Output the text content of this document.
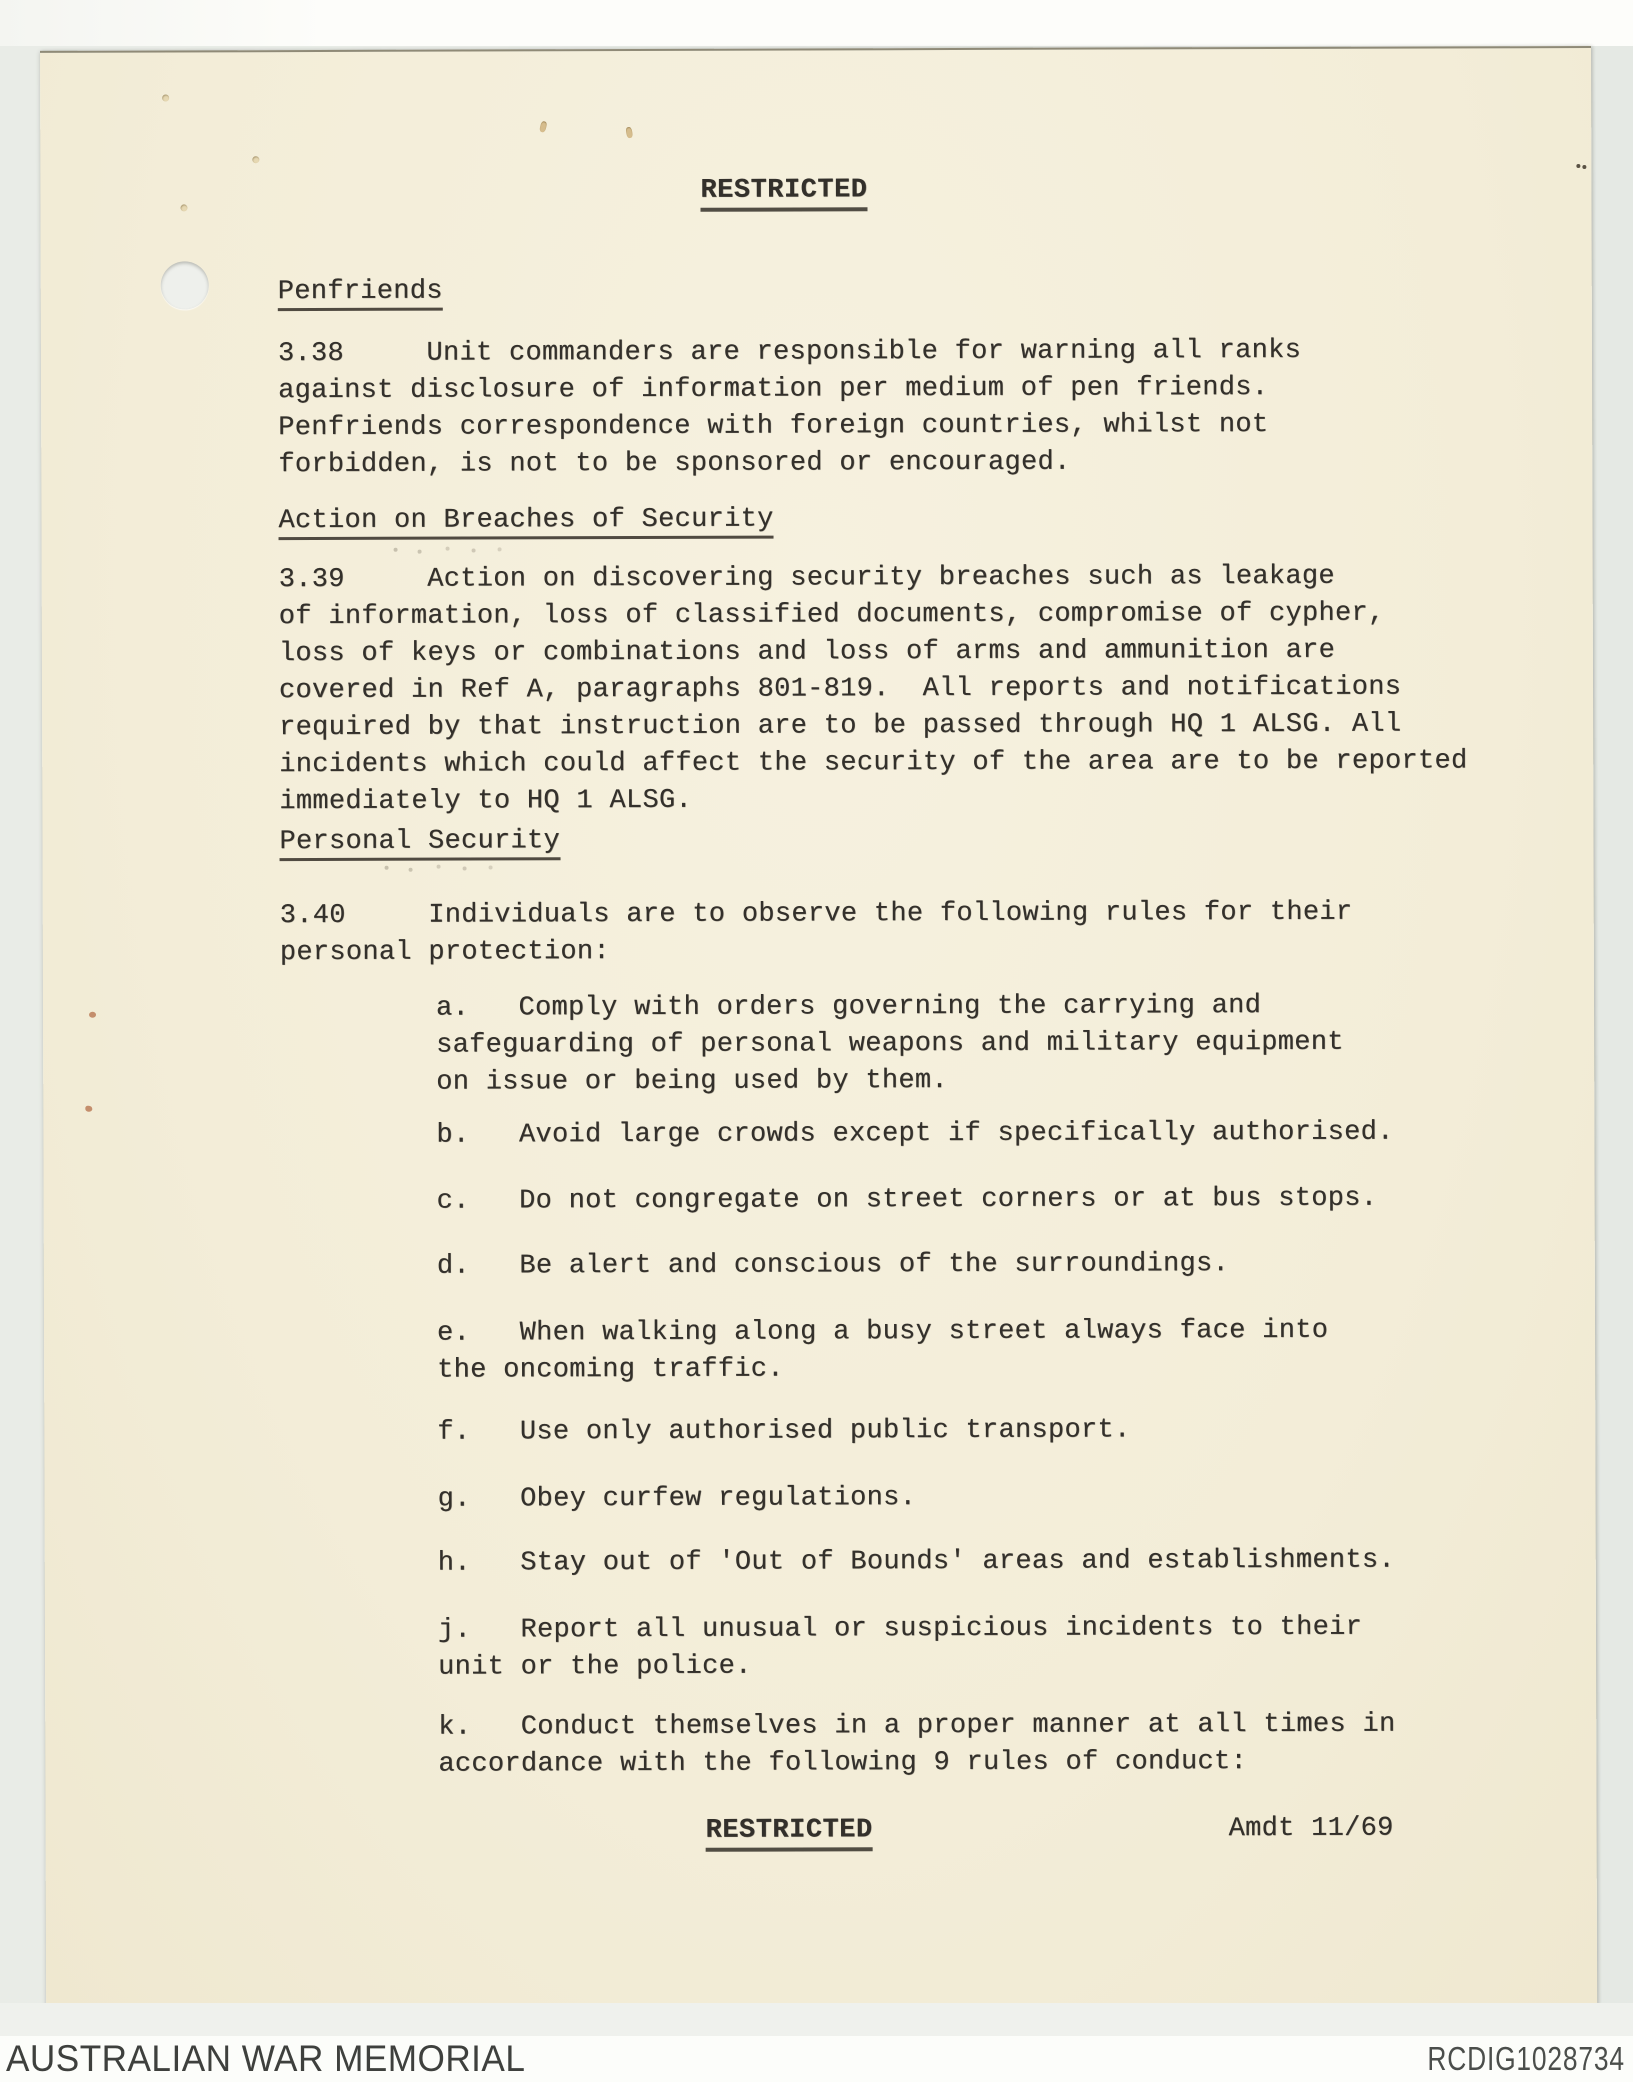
RESTRICTED
Penfriends
3.38     Unit commanders are responsible for warning all ranks
against disclosure of information per medium of pen friends.
Penfriends correspondence with foreign countries, whilst not
forbidden, is not to be sponsored or encouraged.
Action on Breaches of Security
3.39     Action on discovering security breaches such as leakage
of information, loss of classified documents, compromise of cypher,
loss of keys or combinations and loss of arms and ammunition are
covered in Ref A, paragraphs 801-819.  All reports and notifications
required by that instruction are to be passed through HQ 1 ALSG. All
incidents which could affect the security of the area are to be reported
immediately to HQ 1 ALSG.
Personal Security
3.40     Individuals are to observe the following rules for their
personal protection:
a.   Comply with orders governing the carrying and
safeguarding of personal weapons and military equipment
on issue or being used by them.
b.   Avoid large crowds except if specifically authorised.
c.   Do not congregate on street corners or at bus stops.
d.   Be alert and conscious of the surroundings.
e.   When walking along a busy street always face into
the oncoming traffic.
f.   Use only authorised public transport.
g.   Obey curfew regulations.
h.   Stay out of 'Out of Bounds' areas and establishments.
j.   Report all unusual or suspicious incidents to their
unit or the police.
k.   Conduct themselves in a proper manner at all times in
accordance with the following 9 rules of conduct:
RESTRICTED	Amdt 11/69
AUSTRALIAN WAR MEMORIAL	RCDIG1028734
